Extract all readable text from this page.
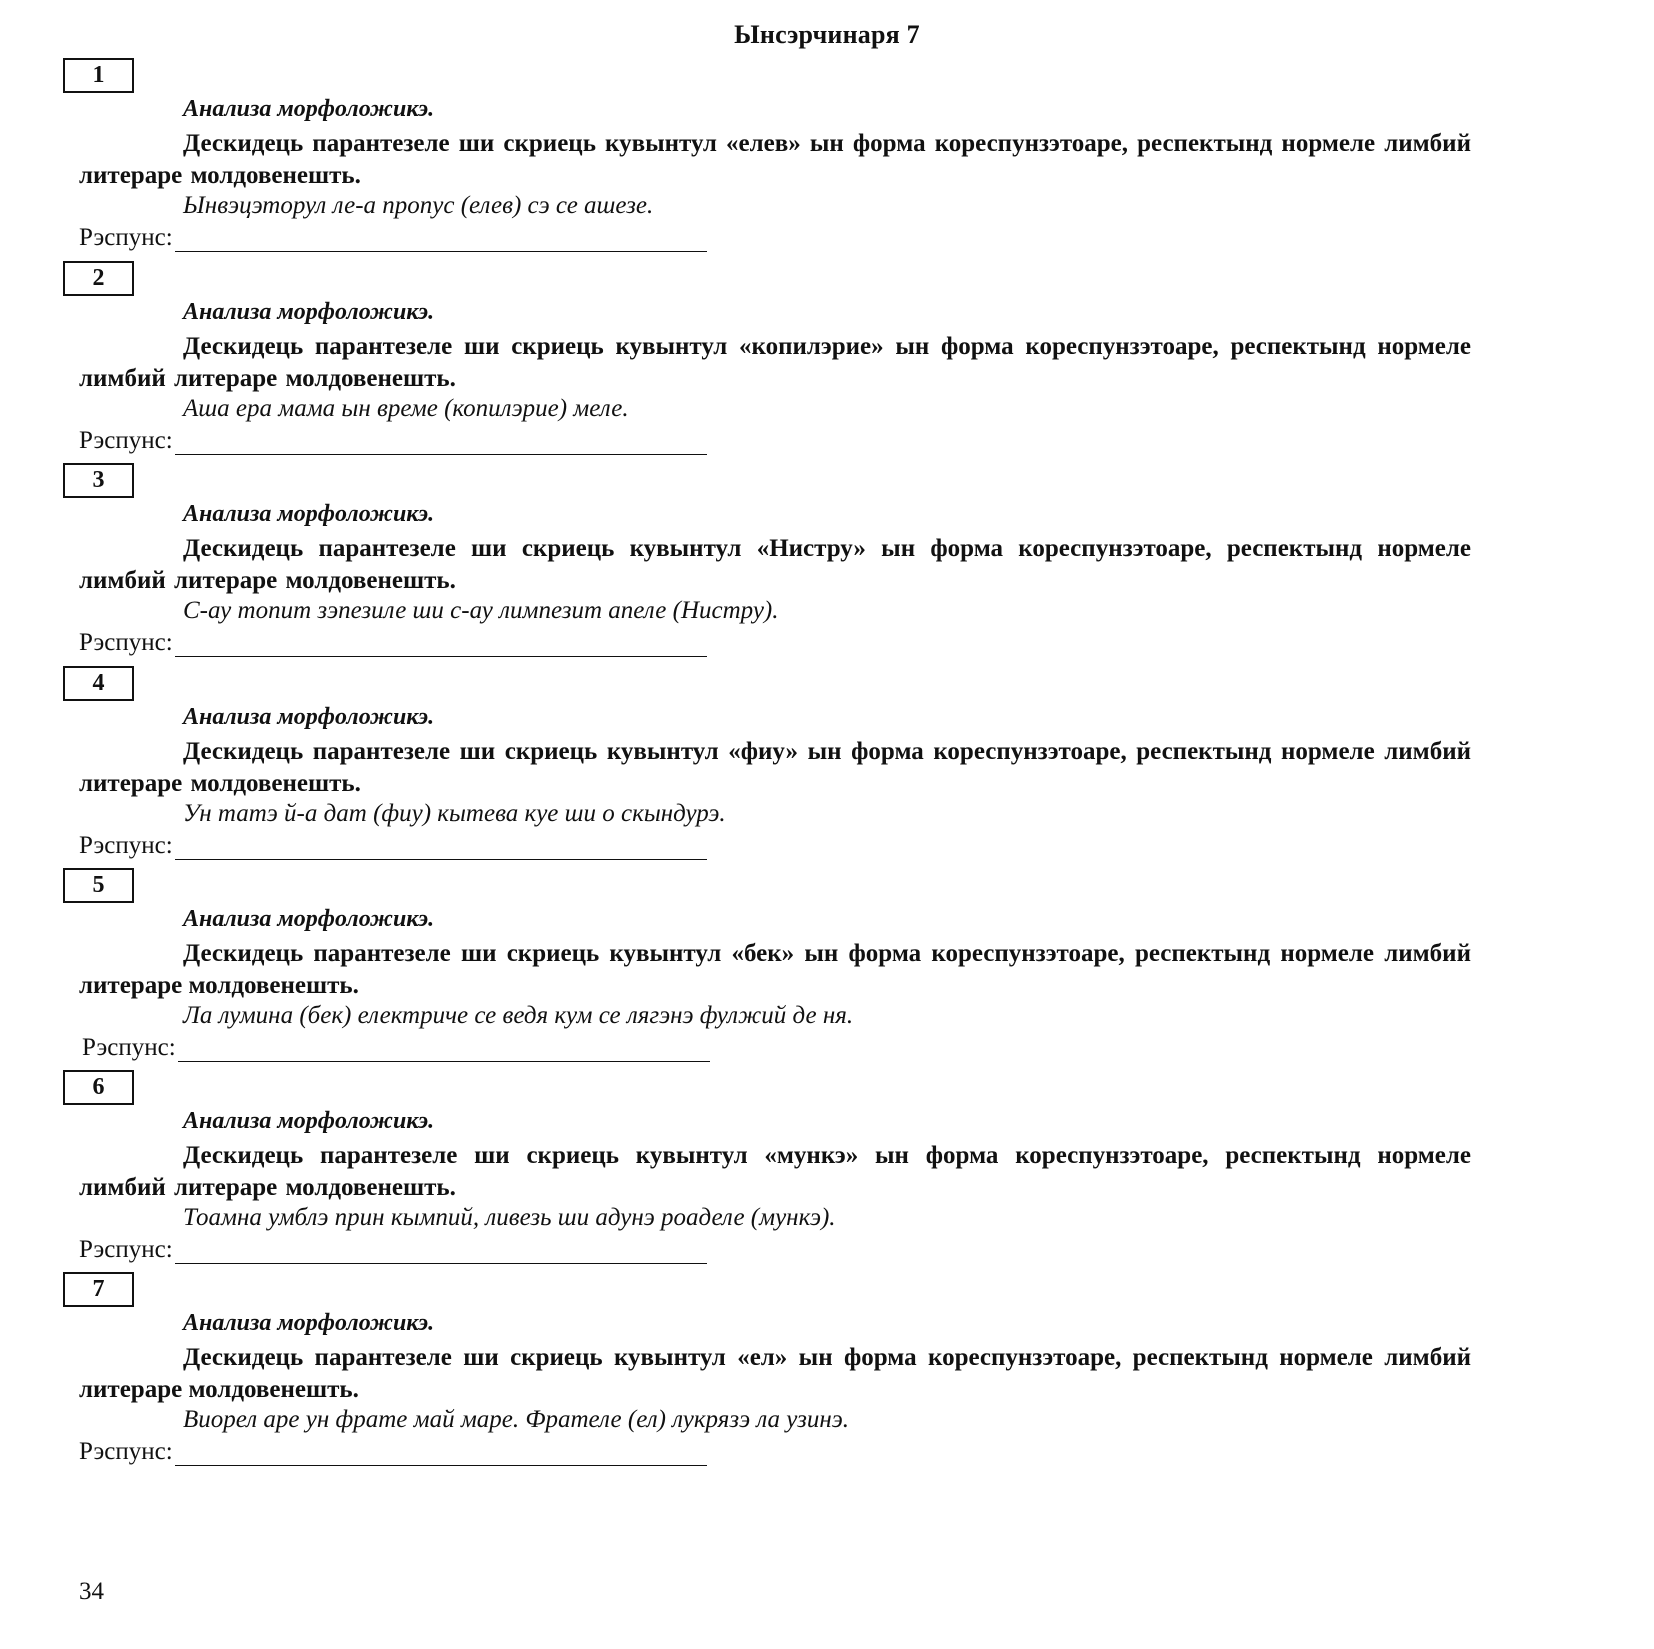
Ынсэрчинаря 7
1
Анализа морфоложикэ.
Дескидець парантезеле ши скриець кувынтул «елев» ын форма кореспунзэтоаре, респектынд нормеле лимбий литераре молдовенешть.
Ынвэцэторул ле-а пропус (елев) сэ се ашезе.
Рэспунс:
2
Анализа морфоложикэ.
Дескидець парантезеле ши скриець кувынтул «копилэрие» ын форма кореспунзэтоаре, респектынд нормеле лимбий литераре молдовенешть.
Аша ера мама ын време (копилэрие) меле.
Рэспунс:
3
Анализа морфоложикэ.
Дескидець парантезеле ши скриець кувынтул «Нистру» ын форма кореспунзэтоаре, респектынд нормеле лимбий литераре молдовенешть.
С-ау топит зэпезиле ши с-ау лимпезит апеле (Нистру).
Рэспунс:
4
Анализа морфоложикэ.
Дескидець парантезеле ши скриець кувынтул «фиу» ын форма кореспунзэтоаре, респектынд нормеле лимбий литераре молдовенешть.
Ун татэ й-а дат (фиу) кытева куе ши о скындурэ.
Рэспунс:
5
Анализа морфоложикэ.
Дескидець парантезеле ши скриець кувынтул «бек» ын форма кореспунзэтоаре, респектынд нормеле лимбий литераре молдовенешть.
Ла лумина (бек) електриче се ведя кум се лягэнэ фулжий де ня.
Рэспунс:
6
Анализа морфоложикэ.
Дескидець парантезеле ши скриець кувынтул «мункэ» ын форма кореспунзэтоаре, респектынд нормеле лимбий литераре молдовенешть.
Тоамна умблэ прин кымпий, ливезь ши адунэ роаделе (мункэ).
Рэспунс:
7
Анализа морфоложикэ.
Дескидець парантезеле ши скриець кувынтул «ел» ын форма кореспунзэтоаре, респектынд нормеле лимбий литераре молдовенешть.
Виорел аре ун фрате май маре. Фрателе (ел) лукрязэ ла узинэ.
Рэспунс:
34
